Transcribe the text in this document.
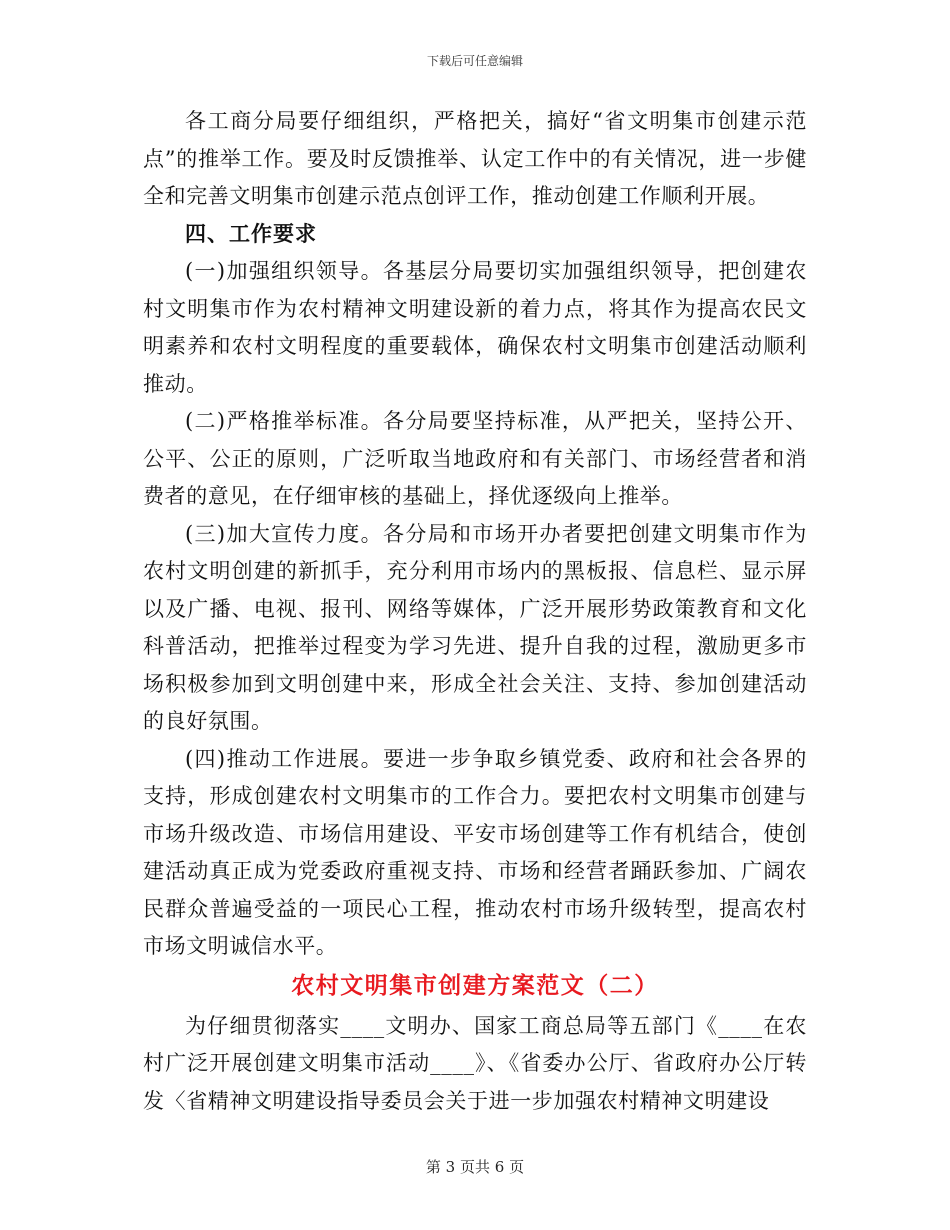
下载后可任意编辑

各工商分局要仔细组织，严格把关，搞好“省文明集市创建示范点”的推举工作。要及时反馈推举、认定工作中的有关情况，进一步健全和完善文明集市创建示范点创评工作，推动创建工作顺利开展。

四、工作要求

(一)加强组织领导。各基层分局要切实加强组织领导，把创建农村文明集市作为农村精神文明建设新的着力点，将其作为提高农民文明素养和农村文明程度的重要载体，确保农村文明集市创建活动顺利推动。

(二)严格推举标准。各分局要坚持标准，从严把关，坚持公开、公平、公正的原则，广泛听取当地政府和有关部门、市场经营者和消费者的意见，在仔细审核的基础上，择优逐级向上推举。

(三)加大宣传力度。各分局和市场开办者要把创建文明集市作为农村文明创建的新抓手，充分利用市场内的黑板报、信息栏、显示屏以及广播、电视、报刊、网络等媒体，广泛开展形势政策教育和文化科普活动，把推举过程变为学习先进、提升自我的过程，激励更多市场积极参加到文明创建中来，形成全社会关注、支持、参加创建活动的良好氛围。

(四)推动工作进展。要进一步争取乡镇党委、政府和社会各界的支持，形成创建农村文明集市的工作合力。要把农村文明集市创建与市场升级改造、市场信用建设、平安市场创建等工作有机结合，使创建活动真正成为党委政府重视支持、市场和经营者踊跃参加、广阔农民群众普遍受益的一项民心工程，推动农村市场升级转型，提高农村市场文明诚信水平。

农村文明集市创建方案范文（二）

为仔细贯彻落实____文明办、国家工商总局等五部门《____在农村广泛开展创建文明集市活动____》、《省委办公厅、省政府办公厅转发〈省精神文明建设指导委员会关于进一步加强农村精神文明建设

第 3 页共 6 页
